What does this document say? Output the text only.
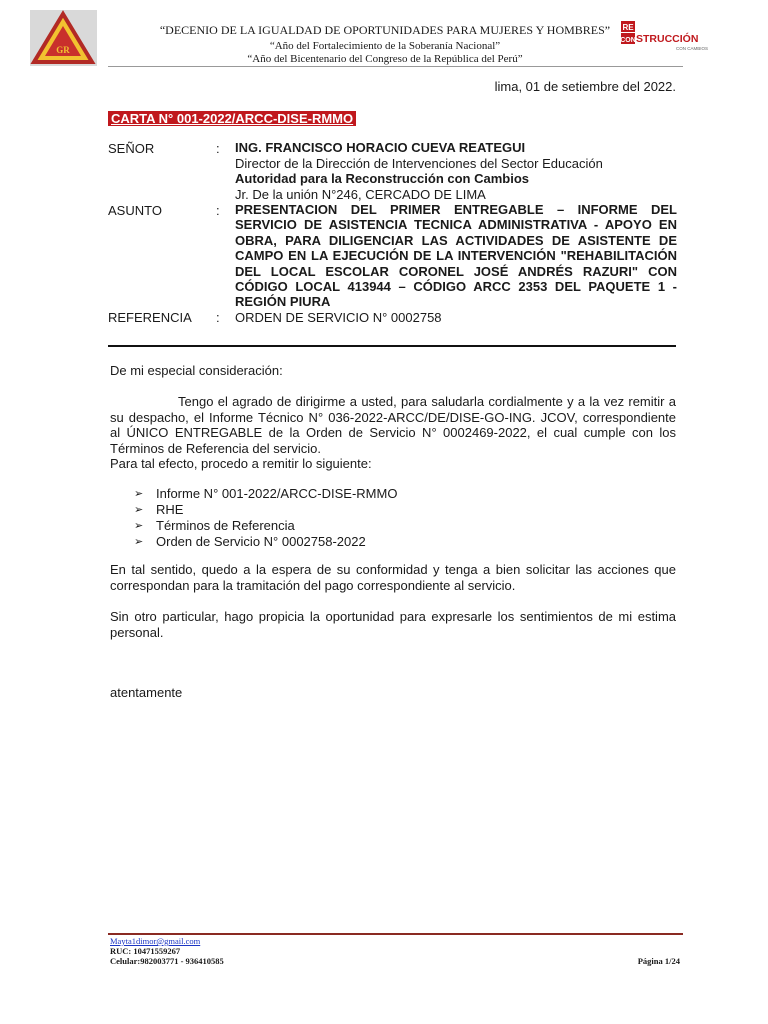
GR
“DECENIO DE LA IGUALDAD DE OPORTUNIDADES PARA MUJERES Y HOMBRES”
“Año del Fortalecimiento de la Soberanía Nacional”
“Año del Bicentenario del Congreso de la República del Perú”
RE
CON STRUCCIÓN
CON CAMBIOS
lima, 01 de setiembre del 2022.
CARTA N° 001-2022/ARCC-DISE-RMMO
SEÑOR	: ING. FRANCISCO HORACIO CUEVA REATEGUI
Director de la Dirección de Intervenciones del Sector Educación
Autoridad para la Reconstrucción con Cambios
Jr. De la unión N°246, CERCADO DE LIMA
ASUNTO	: PRESENTACION DEL PRIMER ENTREGABLE – INFORME DEL SERVICIO DE ASISTENCIA TECNICA ADMINISTRATIVA - APOYO EN OBRA, PARA DILIGENCIAR LAS ACTIVIDADES DE ASISTENTE DE CAMPO EN LA EJECUCIÓN DE LA INTERVENCIÓN "REHABILITACIÓN DEL LOCAL ESCOLAR CORONEL JOSÉ ANDRÉS RAZURI" CON CÓDIGO LOCAL 413944 – CÓDIGO ARCC 2353 DEL PAQUETE 1 - REGIÓN PIURA
REFERENCIA : ORDEN DE SERVICIO N° 0002758
De mi especial consideración:
Tengo el agrado de dirigirme a usted, para saludarla cordialmente y a la vez remitir a su despacho, el Informe Técnico N° 036-2022-ARCC/DE/DISE-GO-ING. JCOV, correspondiente al ÚNICO ENTREGABLE de la Orden de Servicio N° 0002469-2022, el cual cumple con los Términos de Referencia del servicio.
Para tal efecto, procedo a remitir lo siguiente:
➢ Informe N° 001-2022/ARCC-DISE-RMMO
➢ RHE
➢ Términos de Referencia
➢ Orden de Servicio N° 0002758-2022
En tal sentido, quedo a la espera de su conformidad y tenga a bien solicitar las acciones que correspondan para la tramitación del pago correspondiente al servicio.
Sin otro particular, hago propicia la oportunidad para expresarle los sentimientos de mi estima personal.
atentamente
Mayta1dimor@gmail.com
RUC: 10471559267
Celular:982003771 - 936410585	Página 1/24
